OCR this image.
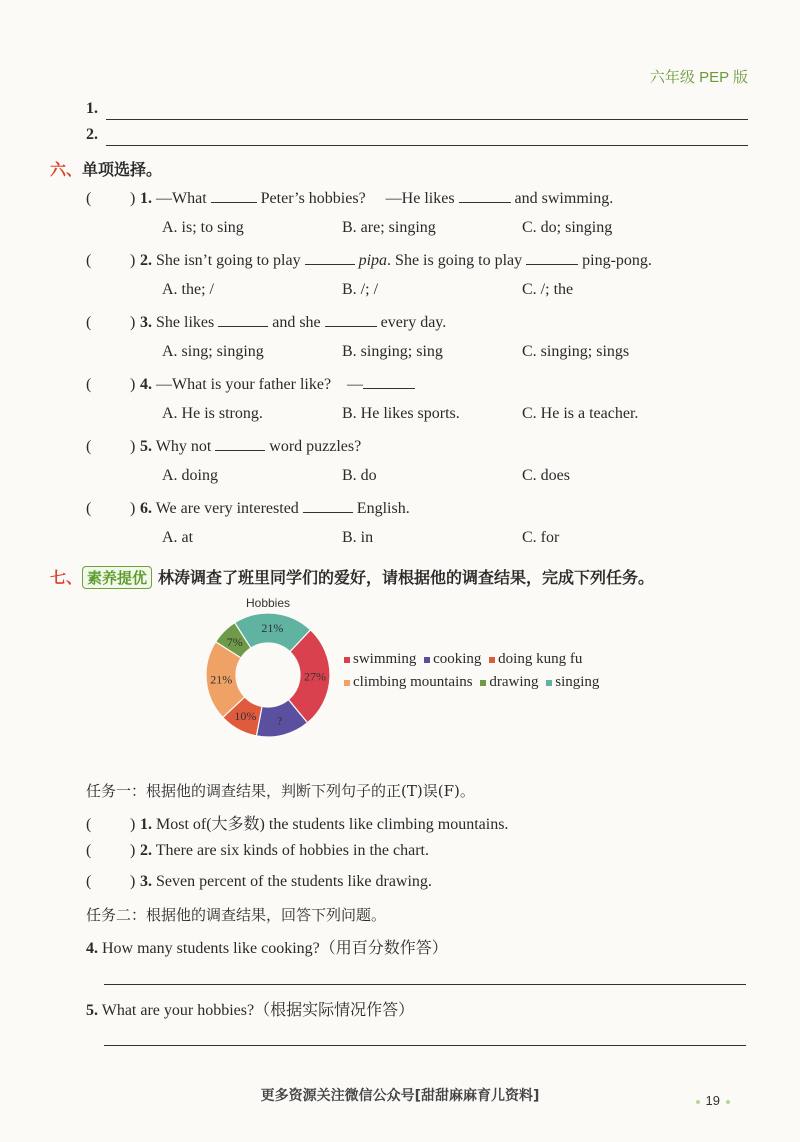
六年级 PEP 版
1.
2.
六、单项选择。
( ) 1. —What	Peter’s hobbies? —He likes	and swimming.
A. is; to sing	B. are; singing	C. do; singing
( ) 2. She isn’t going to play	pipa. She is going to play	ping-pong.
A. the; /	B. /; /	C. /; the
( ) 3. She likes	and she	every day.
A. sing; singing	B. singing; sing	C. singing; sings
( ) 4. —What is your father like? —
A. He is strong.	B. He likes sports.	C. He is a teacher.
( ) 5. Why not	word puzzles?
A. doing	B. do	C. does
( ) 6. We are very interested	English.
A. at	B. in	C. for
七、 素养提优 林涛调查了班里同学们的爱好，请根据他的调查结果，完成下列任务。
Hobbies
27%
?
10%
21%
7%
21%
swimming cooking doing kung fu
climbing mountains drawing singing
任务一：根据他的调查结果，判断下列句子的正(T)误(F)。
( ) 1. Most of(大多数) the students like climbing mountains.
( ) 2. There are six kinds of hobbies in the chart.
( ) 3. Seven percent of the students like drawing.
任务二：根据他的调查结果，回答下列问题。
4. How many students like cooking?（用百分数作答）
5. What are your hobbies?（根据实际情况作答）
更多资源关注微信公众号[甜甜麻麻育儿资料]	19
